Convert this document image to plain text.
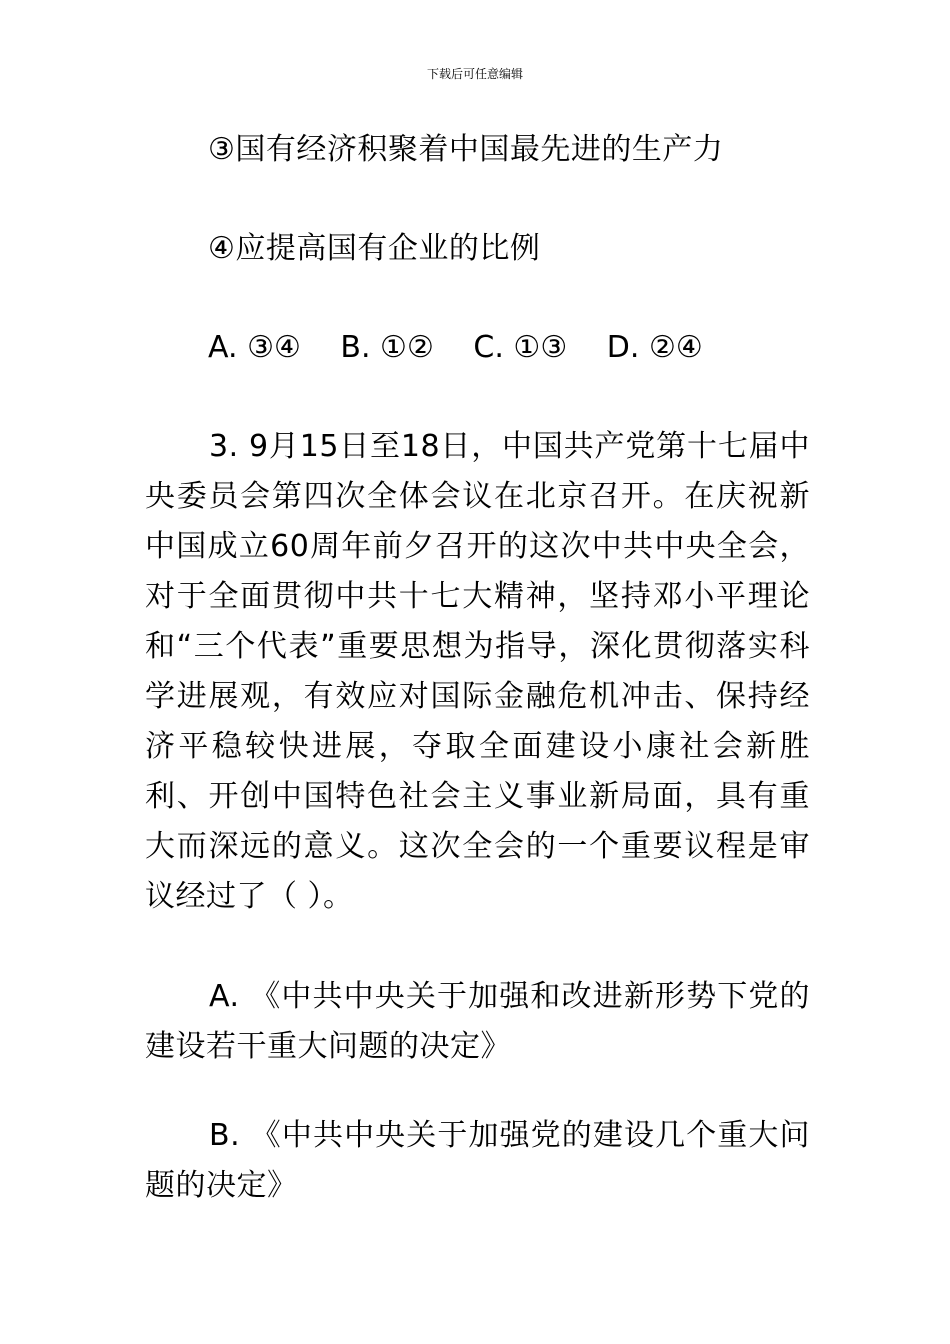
下载后可任意编辑
③国有经济积聚着中国最先进的生产力
④应提高国有企业的比例
A. ③④ B. ①② C. ①③ D. ②④
3. 9月15日至18日，中国共产党第十七届中央委员会第四次全体会议在北京召开。在庆祝新中国成立60周年前夕召开的这次中共中央全会，对于全面贯彻中共十七大精神，坚持邓小平理论和“三个代表”重要思想为指导，深化贯彻落实科学进展观，有效应对国际金融危机冲击、保持经济平稳较快进展，夺取全面建设小康社会新胜利、开创中国特色社会主义事业新局面，具有重大而深远的意义。这次全会的一个重要议程是审议经过了（ ）。
A. 《中共中央关于加强和改进新形势下党的建设若干重大问题的决定》
B. 《中共中央关于加强党的建设几个重大问题的决定》
